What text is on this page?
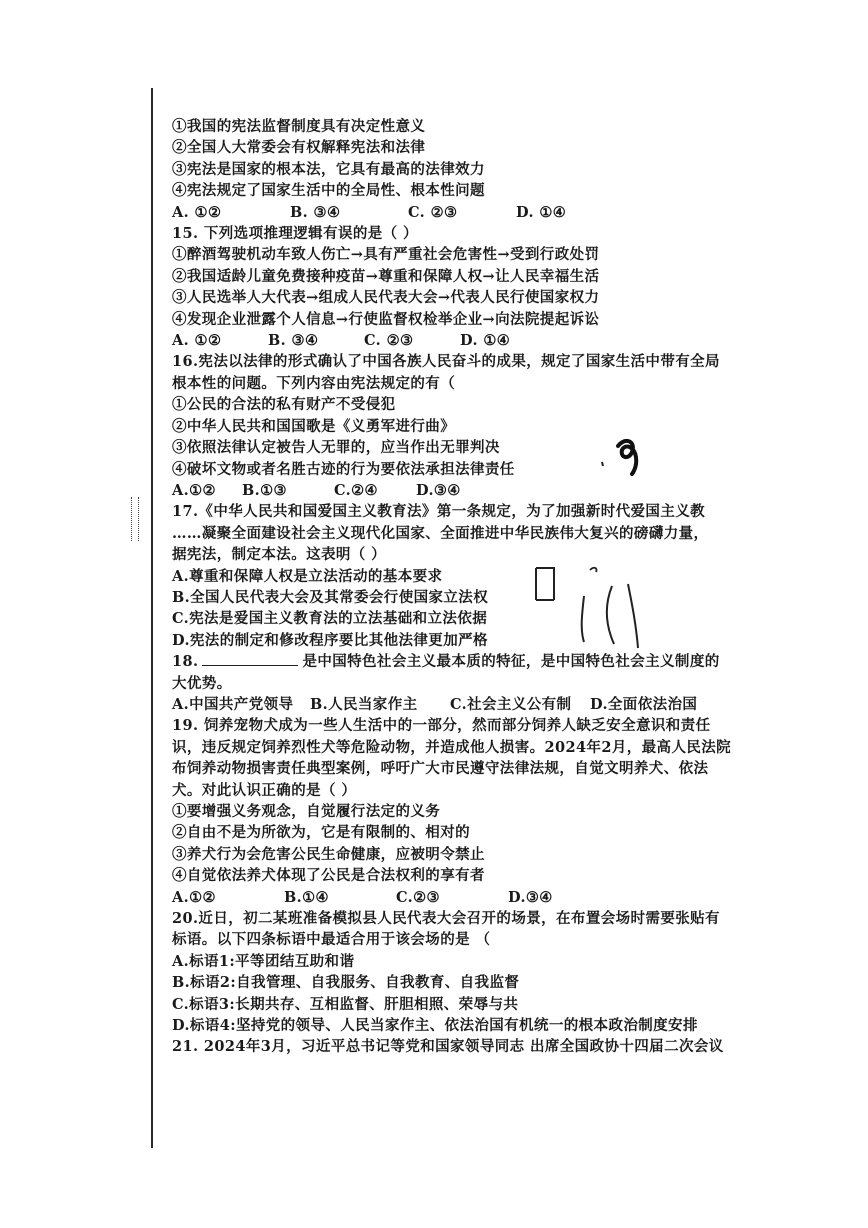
①我国的宪法监督制度具有决定性意义
②全国人大常委会有权解释宪法和法律
③宪法是国家的根本法，它具有最高的法律效力
④宪法规定了国家生活中的全局性、根本性问题
A. ①②	B. ③④	C. ②③	D. ①④
15. 下列选项推理逻辑有误的是（ ）
①醉酒驾驶机动车致人伤亡→具有严重社会危害性→受到行政处罚
②我国适龄儿童免费接种疫苗→尊重和保障人权→让人民幸福生活
③人民选举人大代表→组成人民代表大会→代表人民行使国家权力
④发现企业泄露个人信息→行使监督权检举企业→向法院提起诉讼
A. ①②	B. ③④	C. ②③	D. ①④
16.宪法以法律的形式确认了中国各族人民奋斗的成果，规定了国家生活中带有全局
根本性的问题。下列内容由宪法规定的有（
①公民的合法的私有财产不受侵犯
②中华人民共和国国歌是《义勇军进行曲》
③依照法律认定被告人无罪的，应当作出无罪判决
④破坏文物或者名胜古迹的行为要依法承担法律责任
A.①②	B.①③	C.②④	D.③④
17.《中华人民共和国爱国主义教育法》第一条规定，为了加强新时代爱国主义教
……凝聚全面建设社会主义现代化国家、全面推进中华民族伟大复兴的磅礴力量，
据宪法，制定本法。这表明（ ）
A.尊重和保障人权是立法活动的基本要求
B.全国人民代表大会及其常委会行使国家立法权
C.宪法是爱国主义教育法的立法基础和立法依据
D.宪法的制定和修改程序要比其他法律更加严格
18.	是中国特色社会主义最本质的特征，是中国特色社会主义制度的
大优势。
A.中国共产党领导	B.人民当家作主	C.社会主义公有制	D.全面依法治国
19. 饲养宠物犬成为一些人生活中的一部分，然而部分饲养人缺乏安全意识和责任
识，违反规定饲养烈性犬等危险动物，并造成他人损害。2024年2月，最高人民法院
布饲养动物损害责任典型案例，呼吁广大市民遵守法律法规，自觉文明养犬、依法
犬。对此认识正确的是（ ）
①要增强义务观念，自觉履行法定的义务
②自由不是为所欲为，它是有限制的、相对的
③养犬行为会危害公民生命健康，应被明令禁止
④自觉依法养犬体现了公民是合法权利的享有者
A.①②	B.①④	C.②③	D.③④
20.近日，初二某班准备模拟县人民代表大会召开的场景，在布置会场时需要张贴有
标语。以下四条标语中最适合用于该会场的是 （
A.标语1:平等团结互助和谐
B.标语2:自我管理、自我服务、自我教育、自我监督
C.标语3:长期共存、互相监督、肝胆相照、荣辱与共
D.标语4:坚持党的领导、人民当家作主、依法治国有机统一的根本政治制度安排
21. 2024年3月，习近平总书记等党和国家领导同志 出席全国政协十四届二次会议
